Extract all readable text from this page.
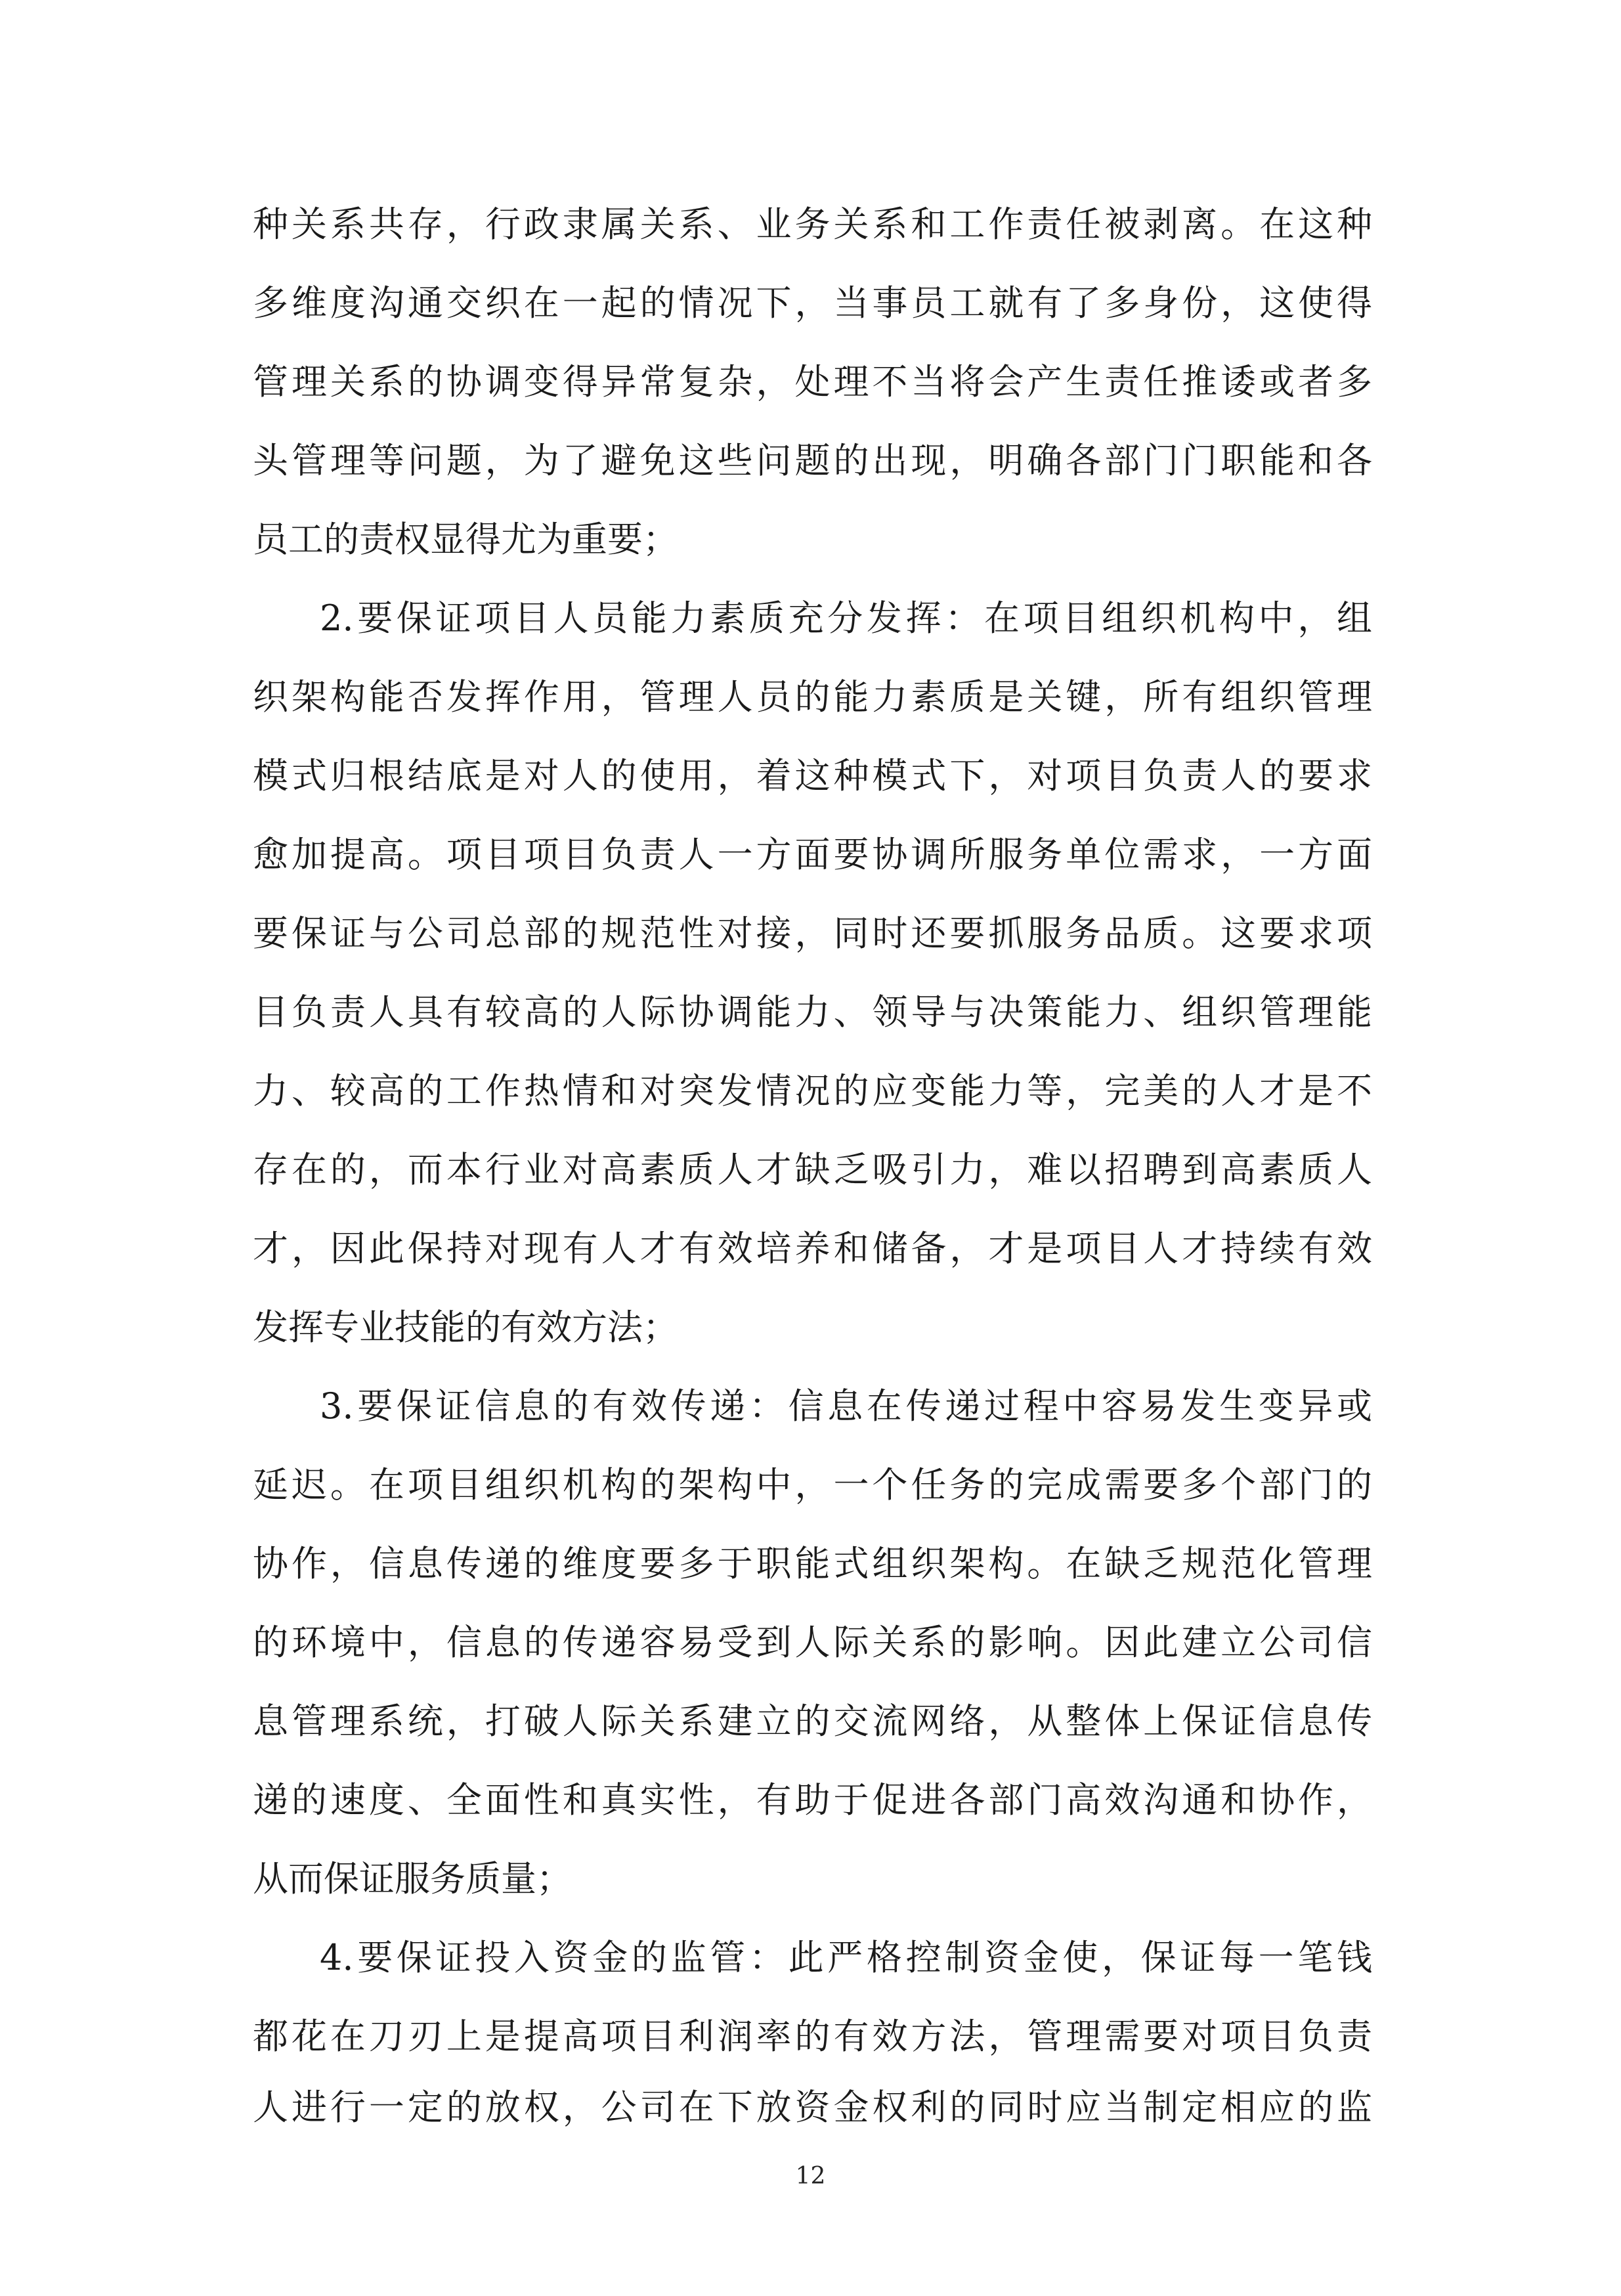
种关系共存，行政隶属关系、业务关系和工作责任被剥离。在这种
多维度沟通交织在一起的情况下，当事员工就有了多身份，这使得
管理关系的协调变得异常复杂，处理不当将会产生责任推诿或者多
头管理等问题，为了避免这些问题的出现，明确各部门门职能和各
员工的责权显得尤为重要；
2.要保证项目人员能力素质充分发挥：在项目组织机构中，组
织架构能否发挥作用，管理人员的能力素质是关键，所有组织管理
模式归根结底是对人的使用，着这种模式下，对项目负责人的要求
愈加提高。项目项目负责人一方面要协调所服务单位需求，一方面
要保证与公司总部的规范性对接，同时还要抓服务品质。这要求项
目负责人具有较高的人际协调能力、领导与决策能力、组织管理能
力、较高的工作热情和对突发情况的应变能力等，完美的人才是不
存在的，而本行业对高素质人才缺乏吸引力，难以招聘到高素质人
才，因此保持对现有人才有效培养和储备，才是项目人才持续有效
发挥专业技能的有效方法；
3.要保证信息的有效传递：信息在传递过程中容易发生变异或
延迟。在项目组织机构的架构中，一个任务的完成需要多个部门的
协作，信息传递的维度要多于职能式组织架构。在缺乏规范化管理
的环境中，信息的传递容易受到人际关系的影响。因此建立公司信
息管理系统，打破人际关系建立的交流网络，从整体上保证信息传
递的速度、全面性和真实性，有助于促进各部门高效沟通和协作，
从而保证服务质量；
4.要保证投入资金的监管：此严格控制资金使，保证每一笔钱
都花在刀刃上是提高项目利润率的有效方法，管理需要对项目负责
人进行一定的放权，公司在下放资金权利的同时应当制定相应的监
12
